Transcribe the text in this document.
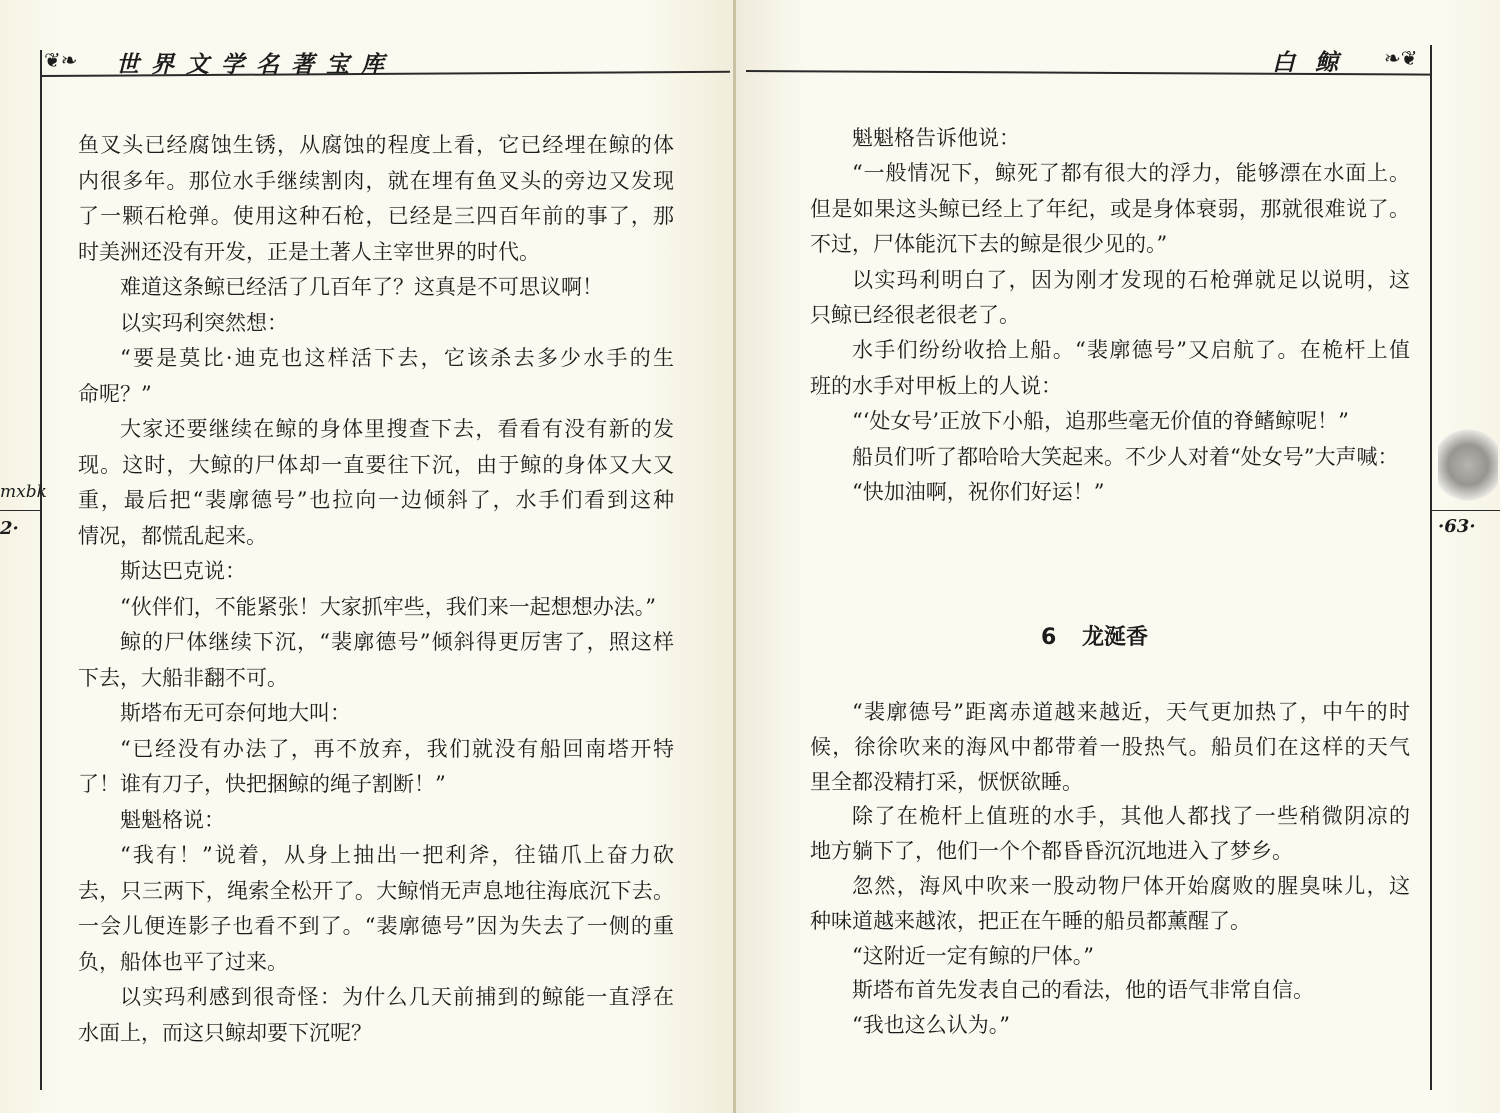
❦❧ 世界文学名著宝库
mxbk
2·
鱼叉头已经腐蚀生锈，从腐蚀的程度上看，它已经埋在鲸的体
内很多年。那位水手继续割肉，就在埋有鱼叉头的旁边又发现
了一颗石枪弹。使用这种石枪，已经是三四百年前的事了，那
时美洲还没有开发，正是土著人主宰世界的时代。
难道这条鲸已经活了几百年了？这真是不可思议啊！
以实玛利突然想：
“要是莫比·迪克也这样活下去，它该杀去多少水手的生
命呢？”
大家还要继续在鲸的身体里搜查下去，看看有没有新的发
现。这时，大鲸的尸体却一直要往下沉，由于鲸的身体又大又
重，最后把“裴廓德号”也拉向一边倾斜了，水手们看到这种
情况，都慌乱起来。
斯达巴克说：
“伙伴们，不能紧张！大家抓牢些，我们来一起想想办法。”
鲸的尸体继续下沉，“裴廓德号”倾斜得更厉害了，照这样
下去，大船非翻不可。
斯塔布无可奈何地大叫：
“已经没有办法了，再不放弃，我们就没有船回南塔开特
了！谁有刀子，快把捆鲸的绳子割断！”
魁魁格说：
“我有！”说着，从身上抽出一把利斧，往锚爪上奋力砍
去，只三两下，绳索全松开了。大鲸悄无声息地往海底沉下去。
一会儿便连影子也看不到了。“裴廓德号”因为失去了一侧的重
负，船体也平了过来。
以实玛利感到很奇怪：为什么几天前捕到的鲸能一直浮在
水面上，而这只鲸却要下沉呢？
白鲸 ❧❦
·63·
6 龙涎香
魁魁格告诉他说：
“一般情况下，鲸死了都有很大的浮力，能够漂在水面上。
但是如果这头鲸已经上了年纪，或是身体衰弱，那就很难说了。
不过，尸体能沉下去的鲸是很少见的。”
以实玛利明白了，因为刚才发现的石枪弹就足以说明，这
只鲸已经很老很老了。
水手们纷纷收拾上船。“裴廓德号”又启航了。在桅杆上值
班的水手对甲板上的人说：
“‘处女号’正放下小船，追那些毫无价值的脊鳍鲸呢！”
船员们听了都哈哈大笑起来。不少人对着“处女号”大声喊：
“快加油啊，祝你们好运！”
“裴廓德号”距离赤道越来越近，天气更加热了，中午的时
候，徐徐吹来的海风中都带着一股热气。船员们在这样的天气
里全都没精打采，恹恹欲睡。
除了在桅杆上值班的水手，其他人都找了一些稍微阴凉的
地方躺下了，他们一个个都昏昏沉沉地进入了梦乡。
忽然，海风中吹来一股动物尸体开始腐败的腥臭味儿，这
种味道越来越浓，把正在午睡的船员都薰醒了。
“这附近一定有鲸的尸体。”
斯塔布首先发表自己的看法，他的语气非常自信。
“我也这么认为。”
